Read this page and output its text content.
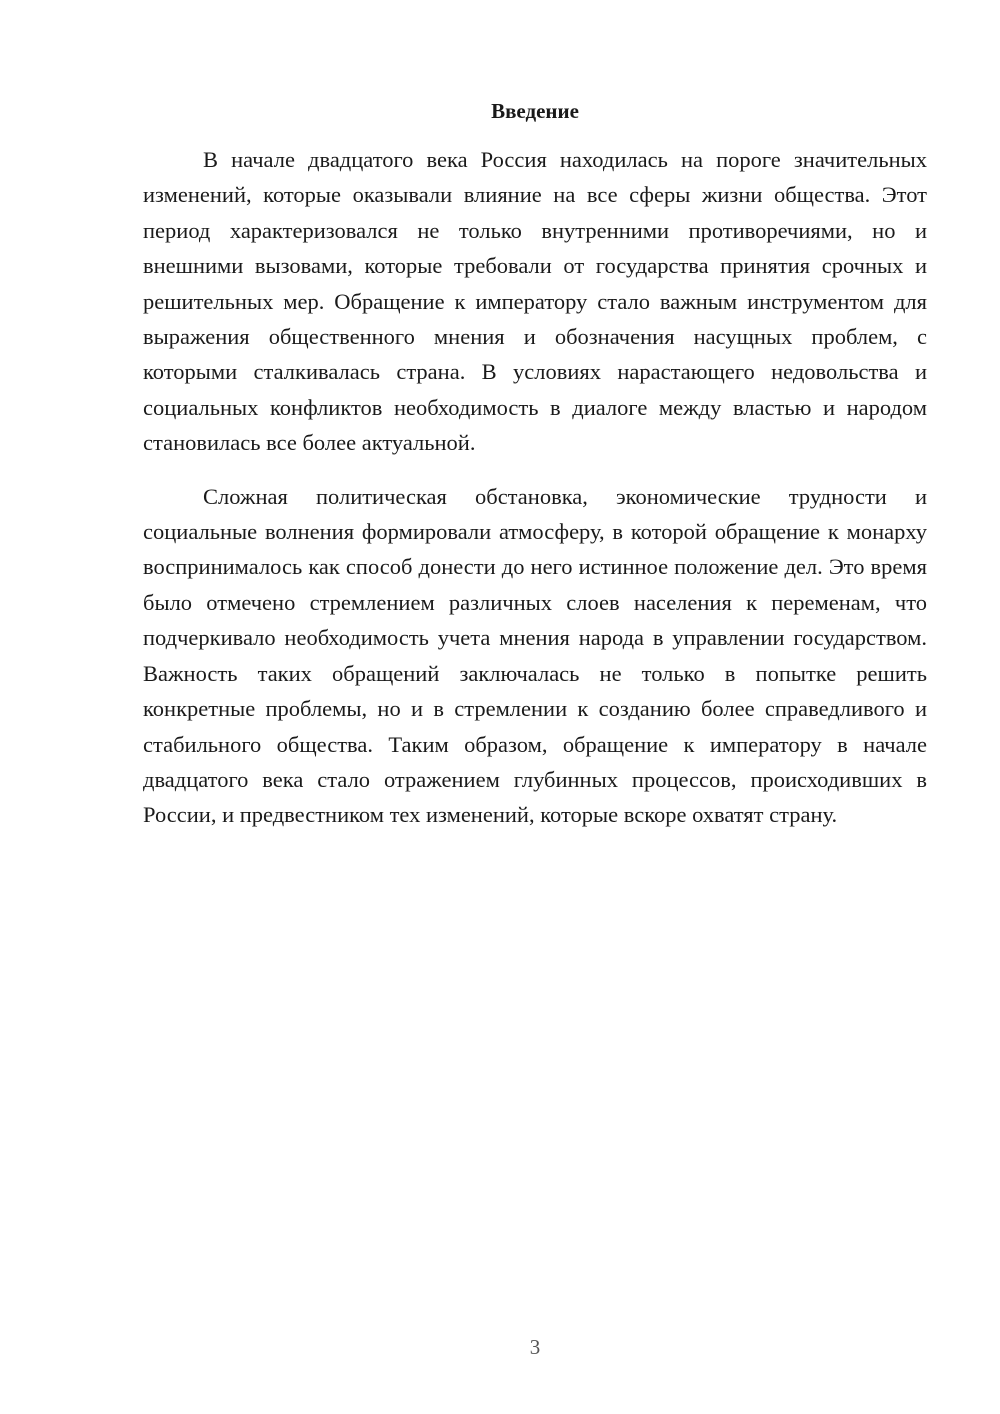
Введение

В начале двадцатого века Россия находилась на пороге значительных изменений, которые оказывали влияние на все сферы жизни общества. Этот период характеризовался не только внутренними противоречиями, но и внешними вызовами, которые требовали от государства принятия срочных и решительных мер. Обращение к императору стало важным инструментом для выражения общественного мнения и обозначения насущных проблем, с которыми сталкивалась страна. В условиях нарастающего недовольства и социальных конфликтов необходимость в диалоге между властью и народом становилась все более актуальной.

Сложная политическая обстановка, экономические трудности и социальные волнения формировали атмосферу, в которой обращение к монарху воспринималось как способ донести до него истинное положение дел. Это время было отмечено стремлением различных слоев населения к переменам, что подчеркивало необходимость учета мнения народа в управлении государством. Важность таких обращений заключалась не только в попытке решить конкретные проблемы, но и в стремлении к созданию более справедливого и стабильного общества. Таким образом, обращение к императору в начале двадцатого века стало отражением глубинных процессов, происходивших в России, и предвестником тех изменений, которые вскоре охватят страну.

3
